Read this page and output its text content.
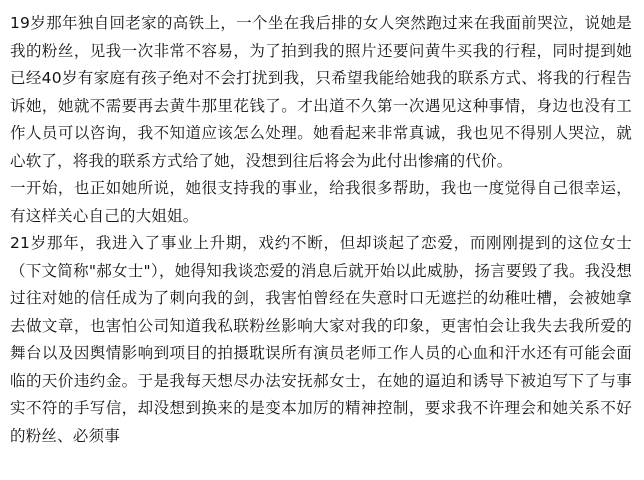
19岁那年独自回老家的高铁上，一个坐在我后排的女人突然跑过来在我面前哭泣，说她是我的粉丝，见我一次非常不容易，为了拍到我的照片还要问黄牛买我的行程，同时提到她已经40岁有家庭有孩子绝对不会打扰到我，只希望我能给她我的联系方式、将我的行程告诉她，她就不需要再去黄牛那里花钱了。才出道不久第一次遇见这种事情，身边也没有工作人员可以咨询，我不知道应该怎么处理。她看起来非常真诚，我也见不得别人哭泣，就心软了，将我的联系方式给了她，没想到往后将会为此付出惨痛的代价。

一开始，也正如她所说，她很支持我的事业，给我很多帮助，我也一度觉得自己很幸运，有这样关心自己的大姐姐。

21岁那年，我进入了事业上升期，戏约不断，但却谈起了恋爱，而刚刚提到的这位女士（下文简称"郝女士"），她得知我谈恋爱的消息后就开始以此威胁，扬言要毁了我。我没想过往对她的信任成为了刺向我的剑，我害怕曾经在失意时口无遮拦的幼稚吐槽，会被她拿去做文章，也害怕公司知道我私联粉丝影响大家对我的印象，更害怕会让我失去我所爱的舞台以及因舆情影响到项目的拍摄耽误所有演员老师工作人员的心血和汗水还有可能会面临的天价违约金。于是我每天想尽办法安抚郝女士，在她的逼迫和诱导下被迫写下了与事实不符的手写信，却没想到换来的是变本加厉的精神控制，要求我不许理会和她关系不好的粉丝、必须事
